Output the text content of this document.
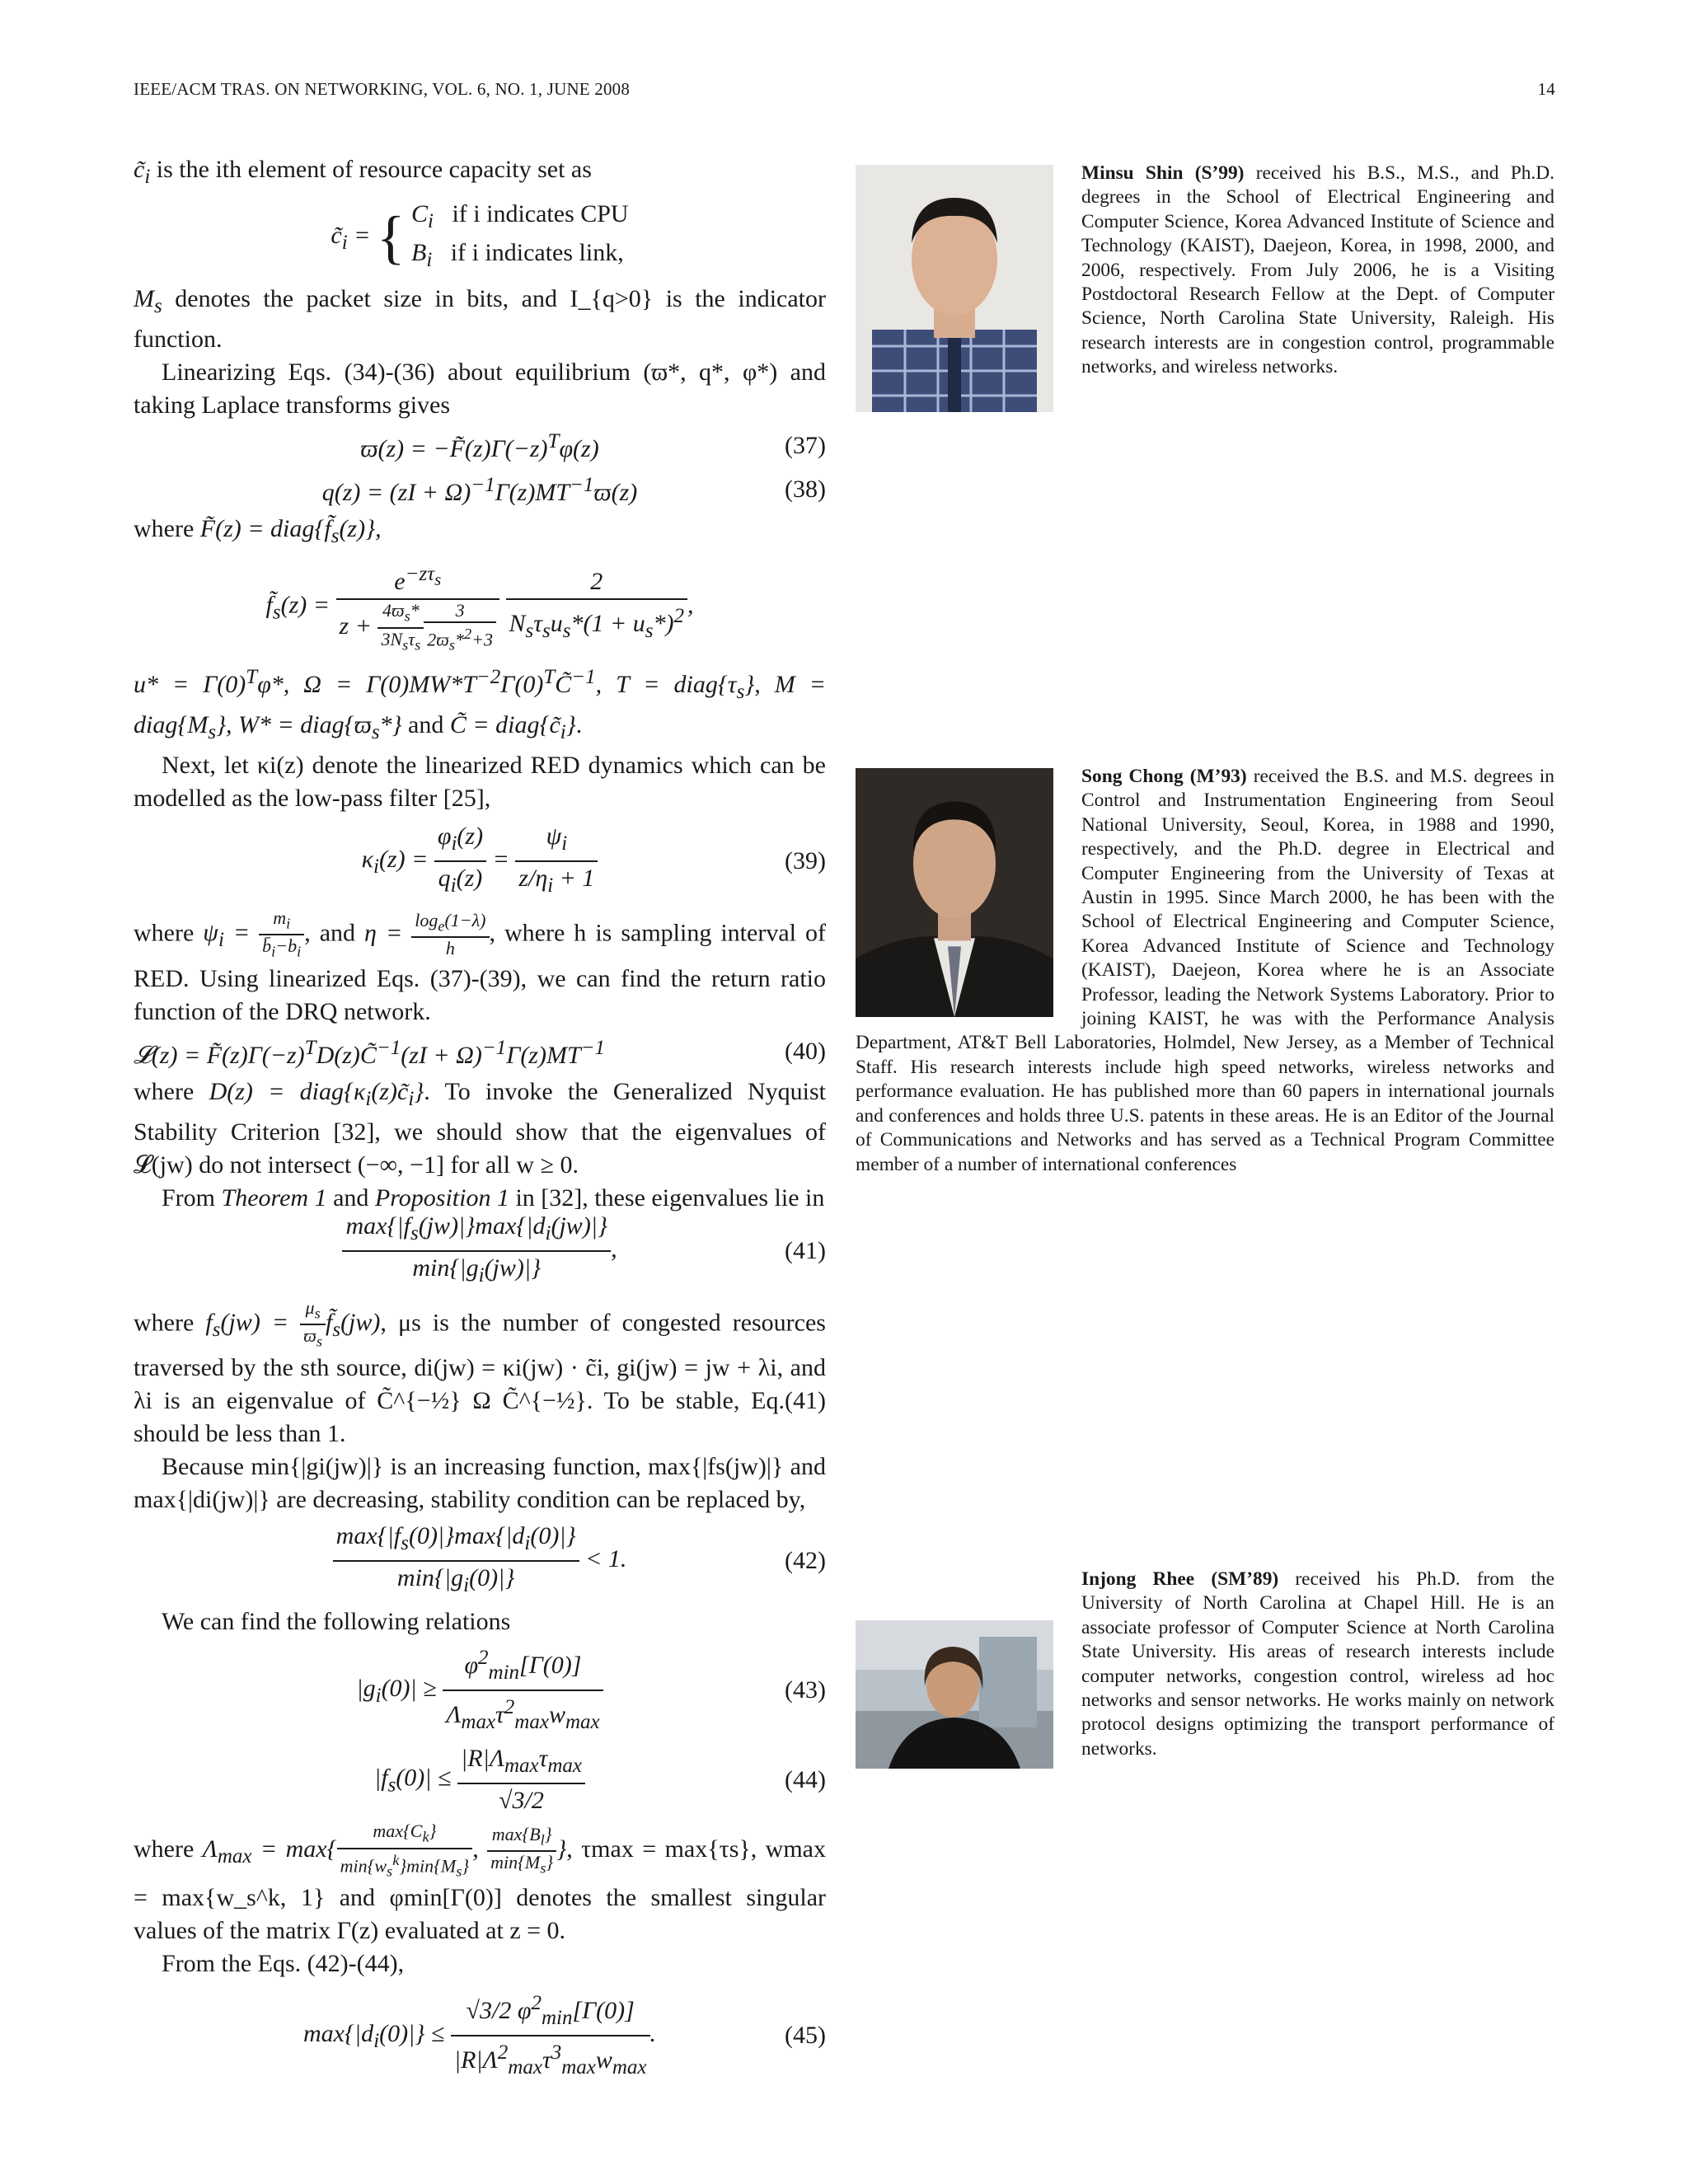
IEEE/ACM TRAS. ON NETWORKING, VOL. 6, NO. 1, JUNE 2008	14

$c̃_i$ is the ith element of resource capacity set as

$c̃_i$ = { $C_i$ if i indicates CPU
$B_i$ if i indicates link,

$M_s$ denotes the packet size in bits, and I_{q>0} is the indicator function.

Linearizing Eqs. (34)-(36) about equilibrium (ϖ*, q*, φ*) and taking Laplace transforms gives

$ϖ(z) = -F̃(z)\Gamma(-z)^T\varphi(z)$	(37)
$q(z) = (zI + \Omega)^{-1}\Gamma(z)MT^{-1}ϖ(z)$	(38)

where F̃(z) = $diag\{f̃_s(z)\}$,

$f̃_s(z) = \frac{e^{-z\tau_s}}{z + \frac{4ϖ_s*}{3N_s\tau_s} \frac{3}{2ϖ_s*^2+3}}$
$\frac{2}{N_s\tau_su_s*(1 + u_s*)^2}$ ,

$u* = \Gamma(0)^T\varphi*$, $\Omega = \Gamma(0)MW*T^{-2}\Gamma(0)^TC̃^{-1}$, $T = diag\{\tau_s\}$, $M = diag\{M_s\}$, $W* = diag\{ϖ_s*\}$ and C̃ = $diag\{c̃_i\}$.

Next, let κi(z) denote the linearized RED dynamics which can be modelled as the low-pass filter [25],

$\kappa_i(z) = \frac{\varphi_i(z)}{q_i(z)} = \frac{\psi_i}{z/\eta_i + 1}$	(39)

where $\psi_i = \frac{m_i}{b̄_i-b_i}$ , and $\eta = \frac{\log_e(1-\lambda)}{h}$ , where h is sampling interval of RED. Using linearized Eqs. (37)-(39), we can find the return ratio function of the DRQ network.

𝓛(z) = $F̃(z)\Gamma(-z)^TD(z)C̃^{-1}(zI + \Omega)^{-1}\Gamma(z)MT^{-1}$	(40)

where $D(z) = diag\{\kappa_i(z)c̃_i\}$. To invoke the Generalized Nyquist Stability Criterion [32], we should show that the eigenvalues of 𝓛(jw) do not intersect (−∞, −1] for all w ≥ 0.

From Theorem 1 and Proposition 1 in [32], these eigenvalues lie in

$\frac{\max\{|f_s(jw)|\}\max\{|d_i(jw)|\}}{\min\{|g_i(jw)|\}}$ ,	(41)

where $f_s(jw) = \frac{\mu_s}{ϖ_s}$ $f̃_s(jw)$, μs is the number of congested resources traversed by the sth source, di(jw) = κi(jw) · c̃i, gi(jw) = jw + λi, and λi is an eigenvalue of C̃^{−½} Ω C̃^{−½}. To be stable, Eq.(41) should be less than 1.

Because min{|gi(jw)|} is an increasing function, max{|fs(jw)|} and max{|di(jw)|} are decreasing, stability condition can be replaced by,

$\frac{\max\{|f_s(0)|\}\max\{|d_i(0)|\}}{\min\{|g_i(0)|\}} < 1$.	(42)

We can find the following relations

$|g_i(0)| \ge \frac{\varphi^2_{min}[\Gamma(0)]}{\Lambda_{max}\tau^2_{max}w_{max}}$	(43)
$|f_s(0)| \le \frac{|R|\Lambda_{max}\tau_{max}}{√3/2}$	(44)

where $\Lambda_{max} = \max\{ \frac{\max\{C_k\}}{\min\{w_s^k\}\min\{M_s\}}$ , $\frac{\max\{B_l\}}{\min\{M_s\}}$ }, τmax = max{τs}, wmax = max{w_s^k, 1} and φmin[Γ(0)] denotes the smallest singular values of the matrix Γ(z) evaluated at z = 0.

From the Eqs. (42)-(44),

$\max\{|d_i(0)|\} \le \frac{√3/2 \varphi^2_{min}[\Gamma(0)]}{|R|\Lambda^2_{max}\tau^3_{max}w_{max}}$ .	(45)

Minsu Shin (S’99) received his B.S., M.S., and Ph.D. degrees in the School of Electrical Engineering and Computer Science, Korea Advanced Institute of Science and Technology (KAIST), Daejeon, Korea, in 1998, 2000, and 2006, respectively. From July 2006, he is a Visiting Postdoctoral Research Fellow at the Dept. of Computer Science, North Carolina State University, Raleigh. His research interests are in congestion control, programmable networks, and wireless networks.

Song Chong (M’93) received the B.S. and M.S. degrees in Control and Instrumentation Engineering from Seoul National University, Seoul, Korea, in 1988 and 1990, respectively, and the Ph.D. degree in Electrical and Computer Engineering from the University of Texas at Austin in 1995. Since March 2000, he has been with the School of Electrical Engineering and Computer Science, Korea Advanced Institute of Science and Technology (KAIST), Daejeon, Korea where he is an Associate Professor, leading the Network Systems Laboratory. Prior to joining KAIST, he was with the Performance Analysis Department, AT&T Bell Laboratories, Holmdel, New Jersey, as a Member of Technical Staff. His research interests include high speed networks, wireless networks and performance evaluation. He has published more than 60 papers in international journals and conferences and holds three U.S. patents in these areas. He is an Editor of the Journal of Communications and Networks and has served as a Technical Program Committee member of a number of international conferences

Injong Rhee (SM’89) received his Ph.D. from the University of North Carolina at Chapel Hill. He is an associate professor of Computer Science at North Carolina State University. His areas of research interests include computer networks, congestion control, wireless ad hoc networks and sensor networks. He works mainly on network protocol designs optimizing the transport performance of networks.
